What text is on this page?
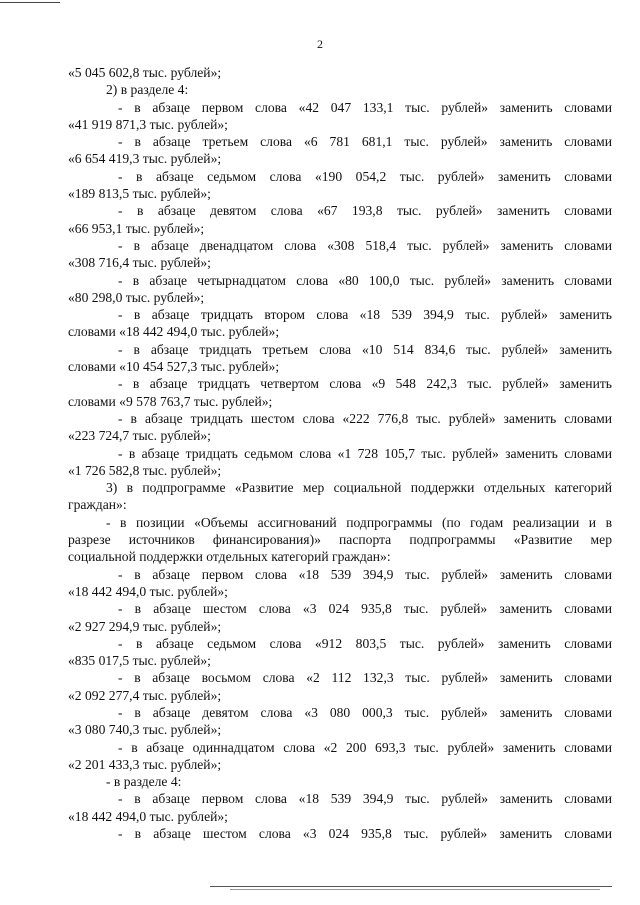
2
«5 045 602,8 тыс. рублей»;
2) в разделе 4:
- в абзаце первом слова «42 047 133,1 тыс. рублей» заменить словами
«41 919 871,3 тыс. рублей»;
- в абзаце третьем слова «6 781 681,1 тыс. рублей» заменить словами
«6 654 419,3 тыс. рублей»;
- в абзаце седьмом слова «190 054,2 тыс. рублей» заменить словами
«189 813,5 тыс. рублей»;
- в абзаце девятом слова «67 193,8 тыс. рублей» заменить словами
«66 953,1 тыс. рублей»;
- в абзаце двенадцатом слова «308 518,4 тыс. рублей» заменить словами
«308 716,4 тыс. рублей»;
- в абзаце четырнадцатом слова «80 100,0 тыс. рублей» заменить словами
«80 298,0 тыс. рублей»;
- в абзаце тридцать втором слова «18 539 394,9 тыс. рублей» заменить
словами «18 442 494,0 тыс. рублей»;
- в абзаце тридцать третьем слова «10 514 834,6 тыс. рублей» заменить
словами «10 454 527,3 тыс. рублей»;
- в абзаце тридцать четвертом слова «9 548 242,3 тыс. рублей» заменить
словами «9 578 763,7 тыс. рублей»;
- в абзаце тридцать шестом слова «222 776,8 тыс. рублей» заменить словами
«223 724,7 тыс. рублей»;
- в абзаце тридцать седьмом слова «1 728 105,7 тыс. рублей» заменить словами
«1 726 582,8 тыс. рублей»;
3) в подпрограмме «Развитие мер социальной поддержки отдельных категорий
граждан»:
- в позиции «Объемы ассигнований подпрограммы (по годам реализации и в
разрезе источников финансирования)» паспорта подпрограммы «Развитие мер
социальной поддержки отдельных категорий граждан»:
- в абзаце первом слова «18 539 394,9 тыс. рублей» заменить словами
«18 442 494,0 тыс. рублей»;
- в абзаце шестом слова «3 024 935,8 тыс. рублей» заменить словами
«2 927 294,9 тыс. рублей»;
- в абзаце седьмом слова «912 803,5 тыс. рублей» заменить словами
«835 017,5 тыс. рублей»;
- в абзаце восьмом слова «2 112 132,3 тыс. рублей» заменить словами
«2 092 277,4 тыс. рублей»;
- в абзаце девятом слова «3 080 000,3 тыс. рублей» заменить словами
«3 080 740,3 тыс. рублей»;
- в абзаце одиннадцатом слова «2 200 693,3 тыс. рублей» заменить словами
«2 201 433,3 тыс. рублей»;
- в разделе 4:
- в абзаце первом слова «18 539 394,9 тыс. рублей» заменить словами
«18 442 494,0 тыс. рублей»;
- в абзаце шестом слова «3 024 935,8 тыс. рублей» заменить словами
